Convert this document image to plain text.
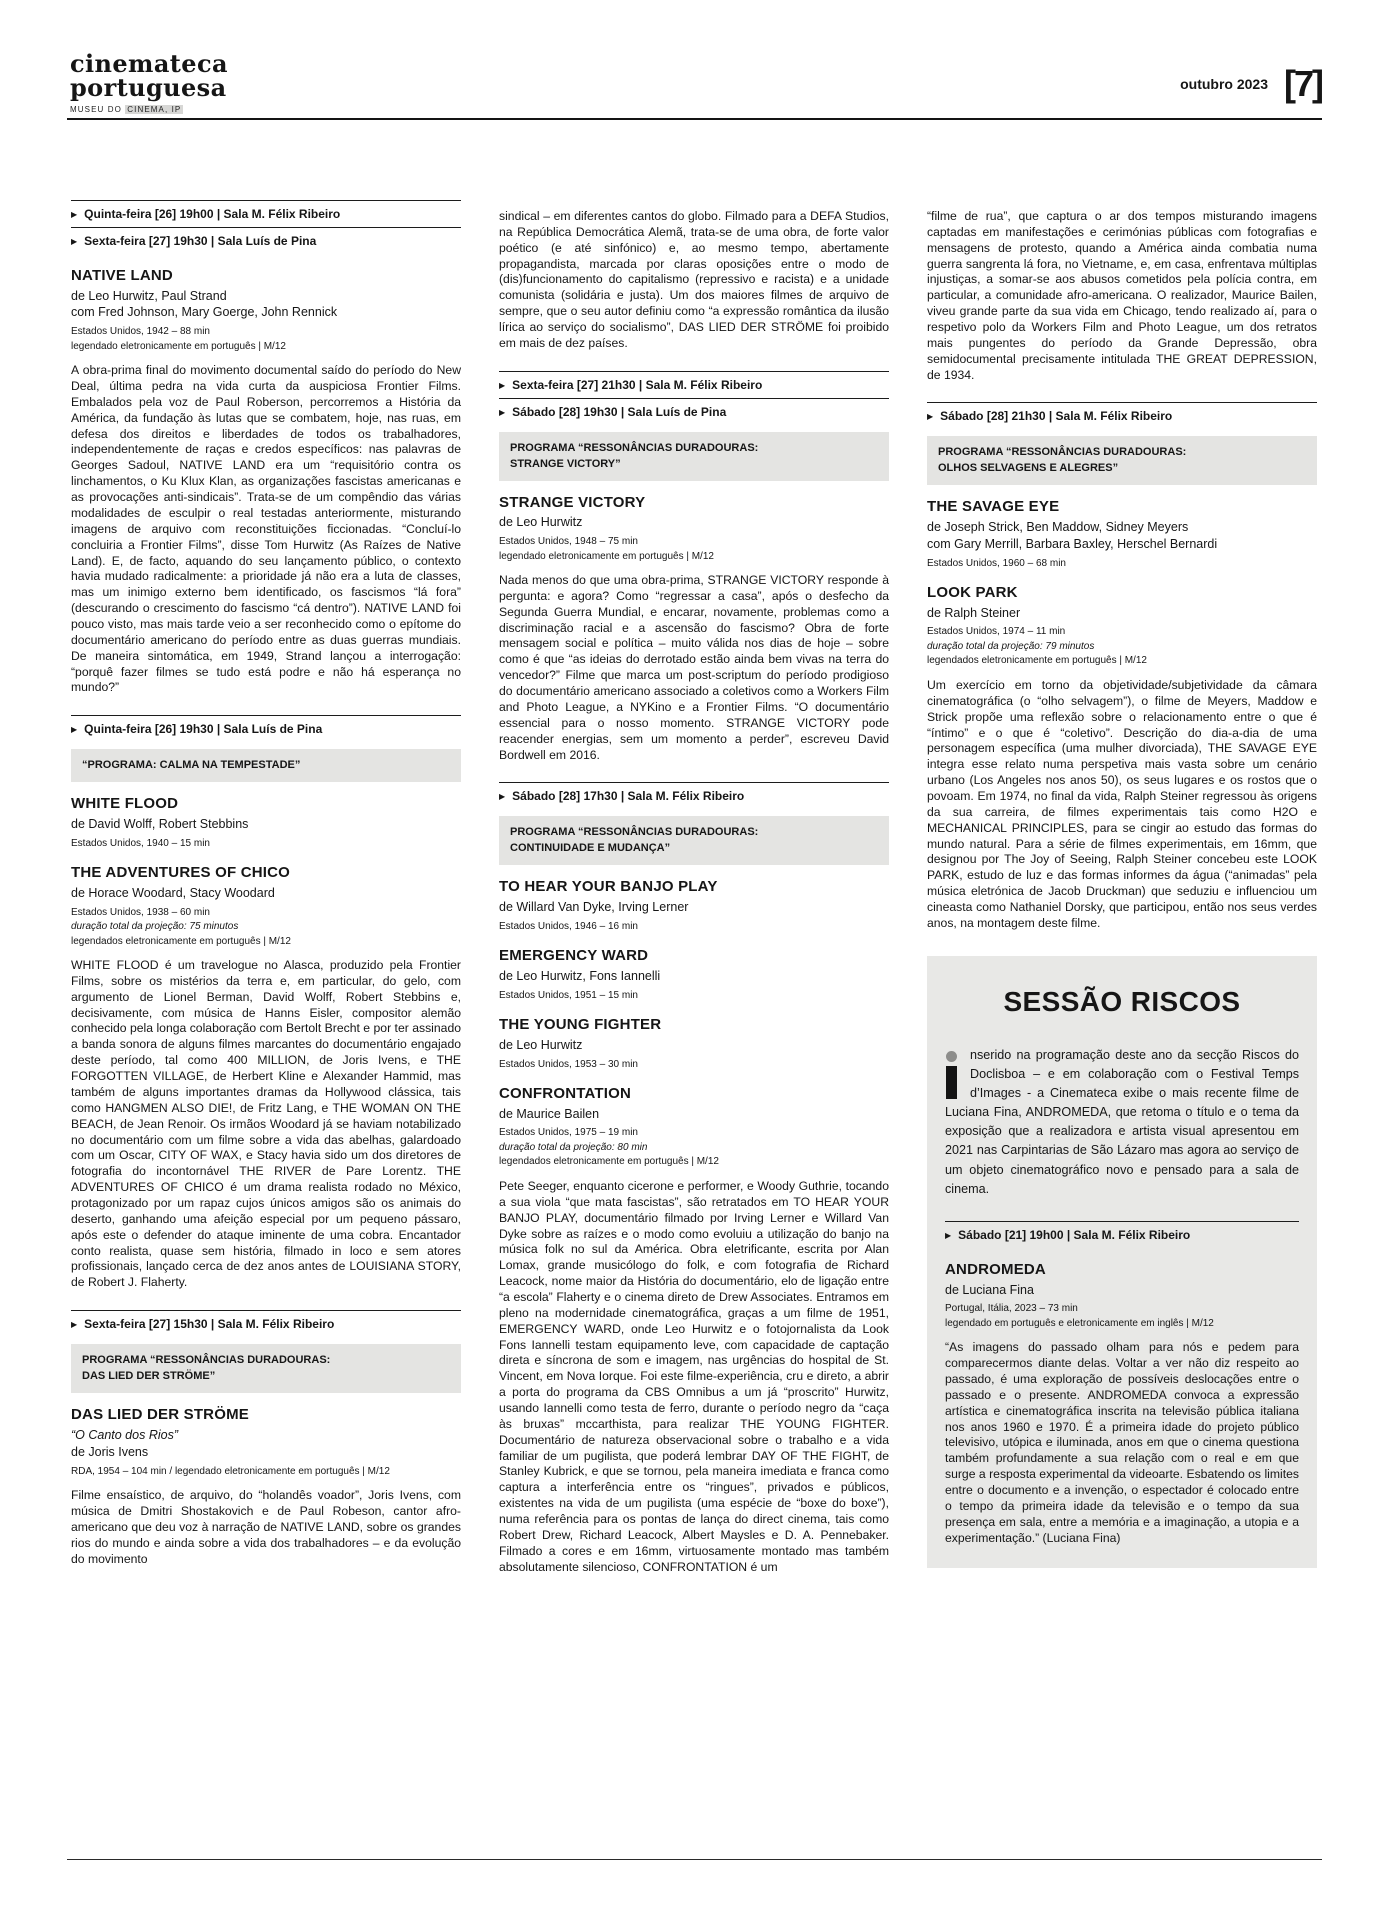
cinemateca
portuguesa
MUSEU DO CINEMA, IP
outubro 2023 [7]
▶ Quinta-feira [26] 19h00 | Sala M. Félix Ribeiro
▶ Sexta-feira [27] 19h30 | Sala Luís de Pina
NATIVE LAND
de Leo Hurwitz, Paul Strand
com Fred Johnson, Mary Goerge, John Rennick
Estados Unidos, 1942 – 88 min
legendado eletronicamente em português | M/12

A obra-prima final do movimento documental saído do período do New Deal, última pedra na vida curta da auspiciosa Frontier Films. Embalados pela voz de Paul Roberson, percorremos a História da América, da fundação às lutas que se combatem, hoje, nas ruas, em defesa dos direitos e liberdades de todos os trabalhadores, independentemente de raças e credos específicos: nas palavras de Georges Sadoul, NATIVE LAND era um “requisitório contra os linchamentos, o Ku Klux Klan, as organizações fascistas americanas e as provocações anti-sindicais”. Trata-se de um compêndio das várias modalidades de esculpir o real testadas anteriormente, misturando imagens de arquivo com reconstituições ficcionadas. “Concluí-lo concluiria a Frontier Films”, disse Tom Hurwitz (As Raízes de Native Land). E, de facto, aquando do seu lançamento público, o contexto havia mudado radicalmente: a prioridade já não era a luta de classes, mas um inimigo externo bem identificado, os fascismos “lá fora” (descurando o crescimento do fascismo “cá dentro”). NATIVE LAND foi pouco visto, mas mais tarde veio a ser reconhecido como o epítome do documentário americano do período entre as duas guerras mundiais. De maneira sintomática, em 1949, Strand lançou a interrogação: “porquê fazer filmes se tudo está podre e não há esperança no mundo?”

▶ Quinta-feira [26] 19h30 | Sala Luís de Pina
“PROGRAMA: CALMA NA TEMPESTADE”
WHITE FLOOD
de David Wolff, Robert Stebbins
Estados Unidos, 1940 – 15 min
THE ADVENTURES OF CHICO
de Horace Woodard, Stacy Woodard
Estados Unidos, 1938 – 60 min
duração total da projeção: 75 minutos
legendados eletronicamente em português | M/12

WHITE FLOOD é um travelogue no Alasca, produzido pela Frontier Films, sobre os mistérios da terra e, em particular, do gelo, com argumento de Lionel Berman, David Wolff, Robert Stebbins e, decisivamente, com música de Hanns Eisler, compositor alemão conhecido pela longa colaboração com Bertolt Brecht e por ter assinado a banda sonora de alguns filmes marcantes do documentário engajado deste período, tal como 400 MILLION, de Joris Ivens, e THE FORGOTTEN VILLAGE, de Herbert Kline e Alexander Hammid, mas também de alguns importantes dramas da Hollywood clássica, tais como HANGMEN ALSO DIE!, de Fritz Lang, e THE WOMAN ON THE BEACH, de Jean Renoir. Os irmãos Woodard já se haviam notabilizado no documentário com um filme sobre a vida das abelhas, galardoado com um Oscar, CITY OF WAX, e Stacy havia sido um dos diretores de fotografia do incontornável THE RIVER de Pare Lorentz. THE ADVENTURES OF CHICO é um drama realista rodado no México, protagonizado por um rapaz cujos únicos amigos são os animais do deserto, ganhando uma afeição especial por um pequeno pássaro, após este o defender do ataque iminente de uma cobra. Encantador conto realista, quase sem história, filmado in loco e sem atores profissionais, lançado cerca de dez anos antes de LOUISIANA STORY, de Robert J. Flaherty.

▶ Sexta-feira [27] 15h30 | Sala M. Félix Ribeiro
PROGRAMA “RESSONÂNCIAS DURADOURAS:
DAS LIED DER STRÖME”
DAS LIED DER STRÖME
“O Canto dos Rios”
de Joris Ivens
RDA, 1954 – 104 min / legendado eletronicamente em português | M/12

Filme ensaístico, de arquivo, do “holandês voador”, Joris Ivens, com música de Dmitri Shostakovich e de Paul Robeson, cantor afro-americano que deu voz à narração de NATIVE LAND, sobre os grandes rios do mundo e ainda sobre a vida dos trabalhadores – e da evolução do movimento

sindical – em diferentes cantos do globo. Filmado para a DEFA Studios, na República Democrática Alemã, trata-se de uma obra, de forte valor poético (e até sinfónico) e, ao mesmo tempo, abertamente propagandista, marcada por claras oposições entre o modo de (dis)funcionamento do capitalismo (repressivo e racista) e a unidade comunista (solidária e justa). Um dos maiores filmes de arquivo de sempre, que o seu autor definiu como “a expressão romântica da ilusão lírica ao serviço do socialismo”, DAS LIED DER STRÖME foi proibido em mais de dez países.

▶ Sexta-feira [27] 21h30 | Sala M. Félix Ribeiro
▶ Sábado [28] 19h30 | Sala Luís de Pina
PROGRAMA “RESSONÂNCIAS DURADOURAS:
STRANGE VICTORY”
STRANGE VICTORY
de Leo Hurwitz
Estados Unidos, 1948 – 75 min
legendado eletronicamente em português | M/12

Nada menos do que uma obra-prima, STRANGE VICTORY responde à pergunta: e agora? Como “regressar a casa”, após o desfecho da Segunda Guerra Mundial, e encarar, novamente, problemas como a discriminação racial e a ascensão do fascismo? Obra de forte mensagem social e política – muito válida nos dias de hoje – sobre como é que “as ideias do derrotado estão ainda bem vivas na terra do vencedor?” Filme que marca um post-scriptum do período prodigioso do documentário americano associado a coletivos como a Workers Film and Photo League, a NYKino e a Frontier Films. “O documentário essencial para o nosso momento. STRANGE VICTORY pode reacender energias, sem um momento a perder”, escreveu David Bordwell em 2016.

▶ Sábado [28] 17h30 | Sala M. Félix Ribeiro
PROGRAMA “RESSONÂNCIAS DURADOURAS:
CONTINUIDADE E MUDANÇA”
TO HEAR YOUR BANJO PLAY
de Willard Van Dyke, Irving Lerner
Estados Unidos, 1946 – 16 min
EMERGENCY WARD
de Leo Hurwitz, Fons Iannelli
Estados Unidos, 1951 – 15 min
THE YOUNG FIGHTER
de Leo Hurwitz
Estados Unidos, 1953 – 30 min
CONFRONTATION
de Maurice Bailen
Estados Unidos, 1975 – 19 min
duração total da projeção: 80 min
legendados eletronicamente em português | M/12

Pete Seeger, enquanto cicerone e performer, e Woody Guthrie, tocando a sua viola “que mata fascistas”, são retratados em TO HEAR YOUR BANJO PLAY, documentário filmado por Irving Lerner e Willard Van Dyke sobre as raízes e o modo como evoluiu a utilização do banjo na música folk no sul da América. Obra eletrificante, escrita por Alan Lomax, grande musicólogo do folk, e com fotografia de Richard Leacock, nome maior da História do documentário, elo de ligação entre “a escola” Flaherty e o cinema direto de Drew Associates. Entramos em pleno na modernidade cinematográfica, graças a um filme de 1951, EMERGENCY WARD, onde Leo Hurwitz e o fotojornalista da Look Fons Iannelli testam equipamento leve, com capacidade de captação direta e síncrona de som e imagem, nas urgências do hospital de St. Vincent, em Nova Iorque. Foi este filme-experiência, cru e direto, a abrir a porta do programa da CBS Omnibus a um já “proscrito” Hurwitz, usando Iannelli como testa de ferro, durante o período negro da “caça às bruxas” mccarthista, para realizar THE YOUNG FIGHTER. Documentário de natureza observacional sobre o trabalho e a vida familiar de um pugilista, que poderá lembrar DAY OF THE FIGHT, de Stanley Kubrick, e que se tornou, pela maneira imediata e franca como captura a interferência entre os “ringues”, privados e públicos, existentes na vida de um pugilista (uma espécie de “boxe do boxe”), numa referência para os pontas de lança do direct cinema, tais como Robert Drew, Richard Leacock, Albert Maysles e D. A. Pennebaker. Filmado a cores e em 16mm, virtuosamente montado mas também absolutamente silencioso, CONFRONTATION é um

“filme de rua”, que captura o ar dos tempos misturando imagens captadas em manifestações e cerimónias públicas com fotografias e mensagens de protesto, quando a América ainda combatia numa guerra sangrenta lá fora, no Vietname, e, em casa, enfrentava múltiplas injustiças, a somar-se aos abusos cometidos pela polícia contra, em particular, a comunidade afro-americana. O realizador, Maurice Bailen, viveu grande parte da sua vida em Chicago, tendo realizado aí, para o respetivo polo da Workers Film and Photo League, um dos retratos mais pungentes do período da Grande Depressão, obra semidocumental precisamente intitulada THE GREAT DEPRESSION, de 1934.

▶ Sábado [28] 21h30 | Sala M. Félix Ribeiro
PROGRAMA “RESSONÂNCIAS DURADOURAS:
OLHOS SELVAGENS E ALEGRES”
THE SAVAGE EYE
de Joseph Strick, Ben Maddow, Sidney Meyers
com Gary Merrill, Barbara Baxley, Herschel Bernardi
Estados Unidos, 1960 – 68 min
LOOK PARK
de Ralph Steiner
Estados Unidos, 1974 – 11 min
duração total da projeção: 79 minutos
legendados eletronicamente em português | M/12

Um exercício em torno da objetividade/subjetividade da câmara cinematográfica (o “olho selvagem”), o filme de Meyers, Maddow e Strick propõe uma reflexão sobre o relacionamento entre o que é “íntimo” e o que é “coletivo”. Descrição do dia-a-dia de uma personagem específica (uma mulher divorciada), THE SAVAGE EYE integra esse relato numa perspetiva mais vasta sobre um cenário urbano (Los Angeles nos anos 50), os seus lugares e os rostos que o povoam. Em 1974, no final da vida, Ralph Steiner regressou às origens da sua carreira, de filmes experimentais tais como H2O e MECHANICAL PRINCIPLES, para se cingir ao estudo das formas do mundo natural. Para a série de filmes experimentais, em 16mm, que designou por The Joy of Seeing, Ralph Steiner concebeu este LOOK PARK, estudo de luz e das formas informes da água (“animadas” pela música eletrónica de Jacob Druckman) que seduziu e influenciou um cineasta como Nathaniel Dorsky, que participou, então nos seus verdes anos, na montagem deste filme.

SESSÃO RISCOS

nserido na programação deste ano da secção Riscos do Doclisboa – e em colaboração com o Festival Temps d’Images - a Cinemateca exibe o mais recente filme de Luciana Fina, ANDROMEDA, que retoma o título e o tema da exposição que a realizadora e artista visual apresentou em 2021 nas Carpintarias de São Lázaro mas agora ao serviço de um objeto cinematográfico novo e pensado para a sala de cinema.

▶ Sábado [21] 19h00 | Sala M. Félix Ribeiro
ANDROMEDA
de Luciana Fina
Portugal, Itália, 2023 – 73 min
legendado em português e eletronicamente em inglês | M/12

“As imagens do passado olham para nós e pedem para comparecermos diante delas. Voltar a ver não diz respeito ao passado, é uma exploração de possíveis deslocações entre o passado e o presente. ANDROMEDA convoca a expressão artística e cinematográfica inscrita na televisão pública italiana nos anos 1960 e 1970. É a primeira idade do projeto público televisivo, utópica e iluminada, anos em que o cinema questiona também profundamente a sua relação com o real e em que surge a resposta experimental da videoarte. Esbatendo os limites entre o documento e a invenção, o espectador é colocado entre o tempo da primeira idade da televisão e o tempo da sua presença em sala, entre a memória e a imaginação, a utopia e a experimentação.” (Luciana Fina)
